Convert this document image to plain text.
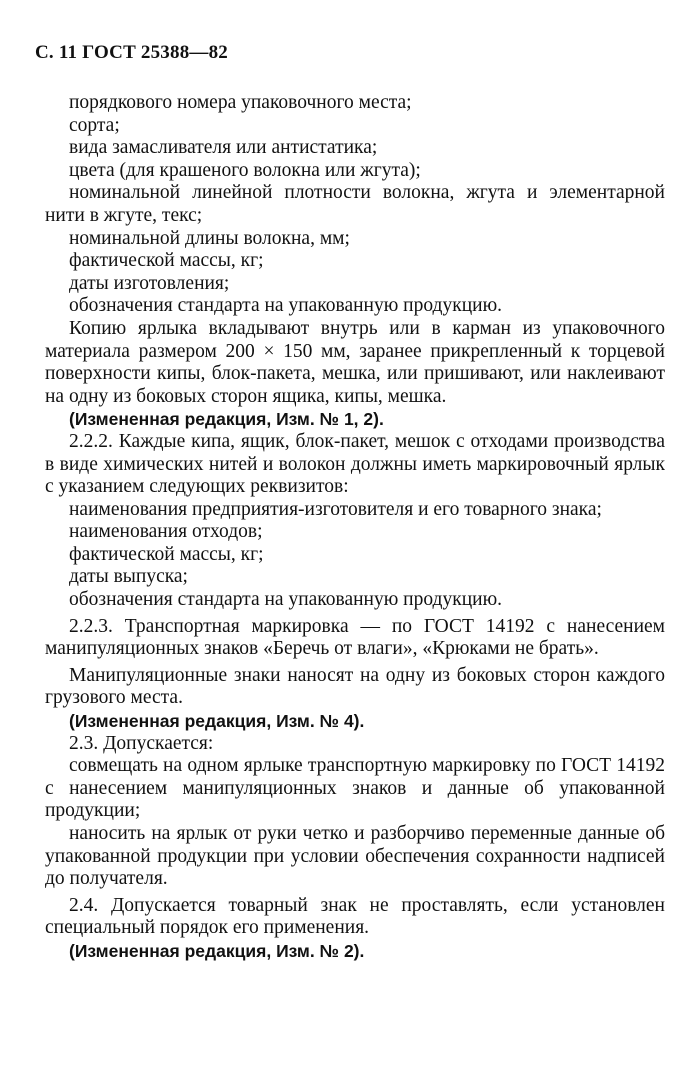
С. 11 ГОСТ 25388—82

порядкового номера упаковочного места;

сорта;

вида замасливателя или антистатика;

цвета (для крашеного волокна или жгута);

номинальной линейной плотности волокна, жгута и элементарной нити в жгуте, текс;

номинальной длины волокна, мм;

фактической массы, кг;

даты изготовления;

обозначения стандарта на упакованную продукцию.

Копию ярлыка вкладывают внутрь или в карман из упаковочного материала размером 200 × 150 мм, заранее прикрепленный к торцевой поверхности кипы, блок-пакета, мешка, или пришивают, или наклеивают на одну из боковых сторон ящика, кипы, мешка.

(Измененная редакция, Изм. № 1, 2).

2.2.2. Каждые кипа, ящик, блок-пакет, мешок с отходами производства в виде химических нитей и волокон должны иметь маркировочный ярлык с указанием следующих реквизитов:

наименования предприятия-изготовителя и его товарного знака;

наименования отходов;

фактической массы, кг;

даты выпуска;

обозначения стандарта на упакованную продукцию.

2.2.3. Транспортная маркировка — по ГОСТ 14192 с нанесением манипуляционных знаков «Беречь от влаги», «Крюками не брать».

Манипуляционные знаки наносят на одну из боковых сторон каждого грузового места.

(Измененная редакция, Изм. № 4).

2.3. Допускается:

совмещать на одном ярлыке транспортную маркировку по ГОСТ 14192 с нанесением манипуляционных знаков и данные об упакованной продукции;

наносить на ярлык от руки четко и разборчиво переменные данные об упакованной продукции при условии обеспечения сохранности надписей до получателя.

2.4. Допускается товарный знак не проставлять, если установлен специальный порядок его применения.

(Измененная редакция, Изм. № 2).
